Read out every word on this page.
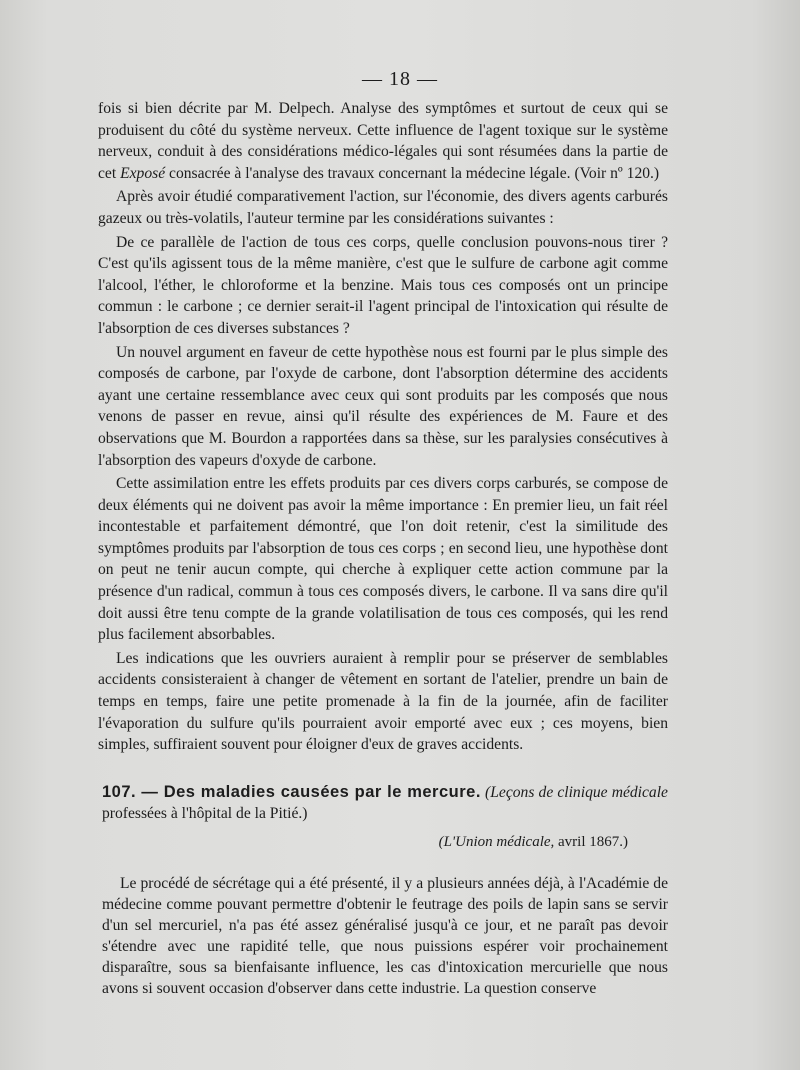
— 18 —

fois si bien décrite par M. Delpech. Analyse des symptômes et surtout de ceux qui se produisent du côté du système nerveux. Cette influence de l'agent toxique sur le système nerveux, conduit à des considérations médico-légales qui sont résumées dans la partie de cet Exposé consacrée à l'analyse des travaux concernant la médecine légale. (Voir nº 120.)

Après avoir étudié comparativement l'action, sur l'économie, des divers agents carburés gazeux ou très-volatils, l'auteur termine par les considérations suivantes :

De ce parallèle de l'action de tous ces corps, quelle conclusion pouvons-nous tirer ? C'est qu'ils agissent tous de la même manière, c'est que le sulfure de carbone agit comme l'alcool, l'éther, le chloroforme et la benzine. Mais tous ces composés ont un principe commun : le carbone ; ce dernier serait-il l'agent principal de l'intoxication qui résulte de l'absorption de ces diverses substances ?

Un nouvel argument en faveur de cette hypothèse nous est fourni par le plus simple des composés de carbone, par l'oxyde de carbone, dont l'absorption détermine des accidents ayant une certaine ressemblance avec ceux qui sont produits par les composés que nous venons de passer en revue, ainsi qu'il résulte des expériences de M. Faure et des observations que M. Bourdon a rapportées dans sa thèse, sur les paralysies consécutives à l'absorption des vapeurs d'oxyde de carbone.

Cette assimilation entre les effets produits par ces divers corps carburés, se compose de deux éléments qui ne doivent pas avoir la même importance : En premier lieu, un fait réel incontestable et parfaitement démontré, que l'on doit retenir, c'est la similitude des symptômes produits par l'absorption de tous ces corps ; en second lieu, une hypothèse dont on peut ne tenir aucun compte, qui cherche à expliquer cette action commune par la présence d'un radical, commun à tous ces composés divers, le carbone. Il va sans dire qu'il doit aussi être tenu compte de la grande volatilisation de tous ces composés, qui les rend plus facilement absorbables.

Les indications que les ouvriers auraient à remplir pour se préserver de semblables accidents consisteraient à changer de vêtement en sortant de l'atelier, prendre un bain de temps en temps, faire une petite promenade à la fin de la journée, afin de faciliter l'évaporation du sulfure qu'ils pourraient avoir emporté avec eux ; ces moyens, bien simples, suffiraient souvent pour éloigner d'eux de graves accidents.

107. — Des maladies causées par le mercure. (Leçons de clinique médicale professées à l'hôpital de la Pitié.)

(L'Union médicale, avril 1867.)

Le procédé de sécrétage qui a été présenté, il y a plusieurs années déjà, à l'Académie de médecine comme pouvant permettre d'obtenir le feutrage des poils de lapin sans se servir d'un sel mercuriel, n'a pas été assez généralisé jusqu'à ce jour, et ne paraît pas devoir s'étendre avec une rapidité telle, que nous puissions espérer voir prochainement disparaître, sous sa bienfaisante influence, les cas d'intoxication mercurielle que nous avons si souvent occasion d'observer dans cette industrie. La question conserve
